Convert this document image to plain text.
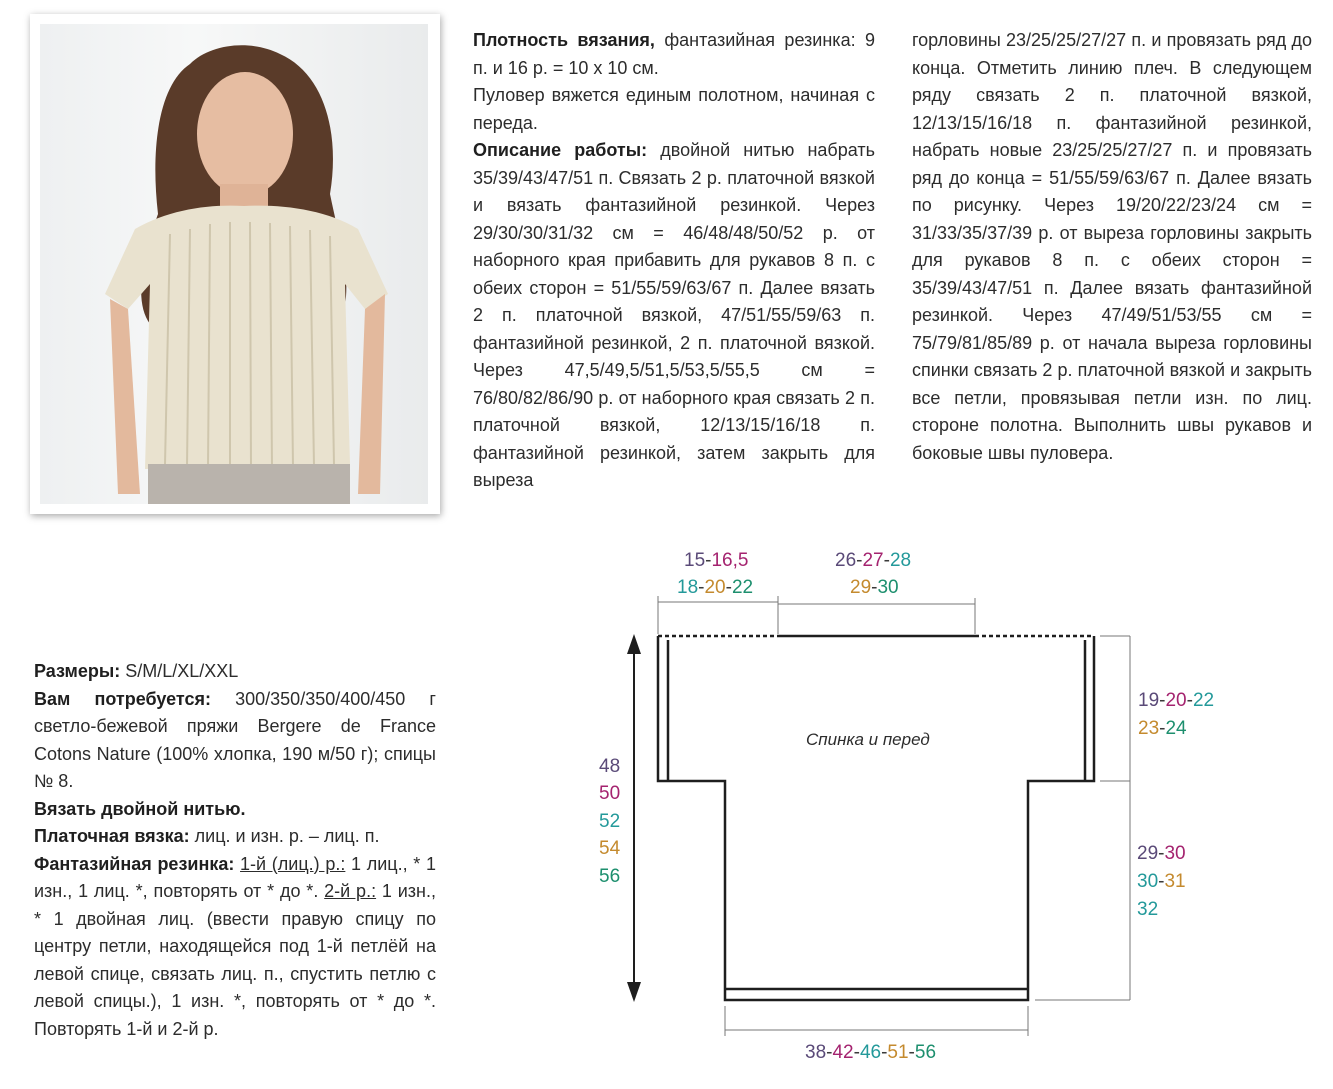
Плотность вязания, фантазийная резинка: 9 п. и 16 р. = 10 x 10 см.

Пуловер вяжется единым полотном, начиная с переда.

Описание работы: двойной нитью набрать 35/39/43/47/51 п. Связать 2 р. платочной вязкой и вязать фантазийной резинкой. Через 29/30/30/31/32 см = 46/48/48/50/52 р. от наборного края прибавить для рукавов 8 п. с обеих сторон = 51/55/59/63/67 п. Далее вязать 2 п. платочной вязкой, 47/51/55/59/63 п. фантазийной резинкой, 2 п. платочной вязкой. Через 47,5/49,5/51,5/53,5/55,5 см = 76/80/82/86/90 р. от наборного края связать 2 п. платочной вязкой, 12/13/15/16/18 п. фантазийной резинкой, затем закрыть для выреза

горловины 23/25/25/27/27 п. и провязать ряд до конца. Отметить линию плеч. В следующем ряду связать 2 п. платочной вязкой, 12/13/15/16/18 п. фантазийной резинкой, набрать новые 23/25/25/27/27 п. и провязать ряд до конца = 51/55/59/63/67 п. Далее вязать по рисунку. Через 19/20/22/23/24 см = 31/33/35/37/39 р. от выреза горловины закрыть для рукавов 8 п. с обеих сторон = 35/39/43/47/51 п. Далее вязать фантазийной резинкой. Через 47/49/51/53/55 см = 75/79/81/85/89 р. от начала выреза горловины спинки связать 2 р. платочной вязкой и закрыть все петли, провязывая петли изн. по лиц. стороне полотна. Выполнить швы рукавов и боковые швы пуловера.

Размеры: S/M/L/XL/XXL

Вам потребуется: 300/350/350/400/450 г светло-бежевой пряжи Bergere de France Cotons Nature (100% хлопка, 190 м/50 г); спицы № 8.

Вязать двойной нитью.

Платочная вязка: лиц. и изн. р. – лиц. п.

Фантазийная резинка: 1-й (лиц.) р.: 1 лиц., * 1 изн., 1 лиц. *, повторять от * до *. 2-й р.: 1 изн., * 1 двойная лиц. (ввести правую спицу по центру петли, находящейся под 1-й петлёй на левой спице, связать лиц. п., спустить петлю с левой спицы.), 1 изн. *, повторять от * до *. Повторять 1-й и 2-й р.

Спинка и перед
15-16,5
18-20-22
26-27-28
29-30
48
50
52
54
56
19-20-22
23-24
29-30
30-31
32
38-42-46-51-56
